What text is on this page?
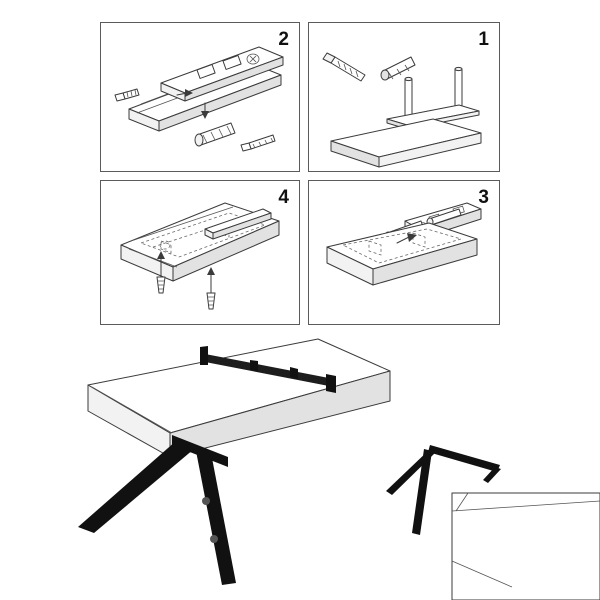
2	1
4	3
